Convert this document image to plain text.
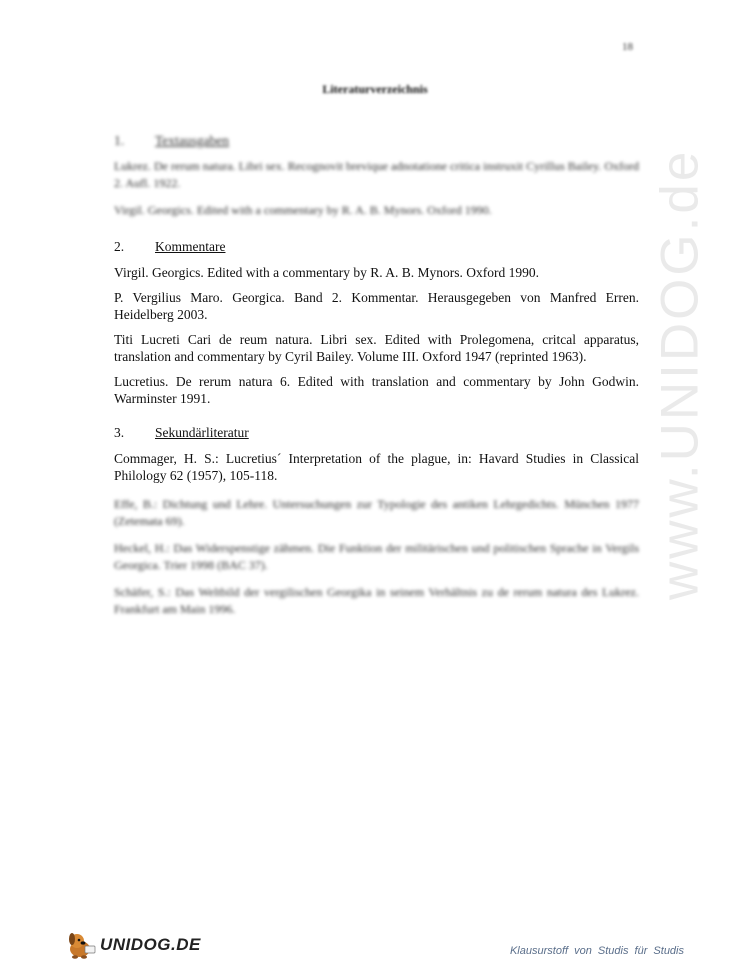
18
Literaturverzeichnis
1.	Textausgaben

Lukrez. De rerum natura. Libri sex. Recognovit brevique adnotatione critica instruxit Cyrillus Bailey. Oxford 2. Aufl. 1922.

Virgil. Georgics. Edited with a commentary by R. A. B. Mynors. Oxford 1990.

2.	Kommentare

Virgil. Georgics. Edited with a commentary by R. A. B. Mynors. Oxford 1990.

P. Vergilius Maro. Georgica. Band 2. Kommentar. Herausgegeben von Manfred Erren. Heidelberg 2003.

Titi Lucreti Cari de reum natura. Libri sex. Edited with Prolegomena, critcal apparatus, translation and commentary by Cyril Bailey. Volume III. Oxford 1947 (reprinted 1963).

Lucretius. De rerum natura 6. Edited with translation and commentary by John Godwin. Warminster 1991.

3.	Sekundärliteratur

Commager, H. S.: Lucretius´ Interpretation of the plague, in: Havard Studies in Classical Philology 62 (1957), 105-118.

Effe, B.: Dichtung und Lehre. Untersuchungen zur Typologie des antiken Lehrgedichts. München 1977 (Zetemata 69).

Heckel, H.: Das Widerspenstige zähmen. Die Funktion der militärischen und politischen Sprache in Vergils Georgica. Trier 1998 (BAC 37).

Schäfer, S.: Das Weltbild der vergilischen Georgika in seinem Verhältnis zu de rerum natura des Lukrez. Frankfurt am Main 1996.

www.UNIDOG.de
UNIDOG.DE	Klausurstoff von Studis für Studis
